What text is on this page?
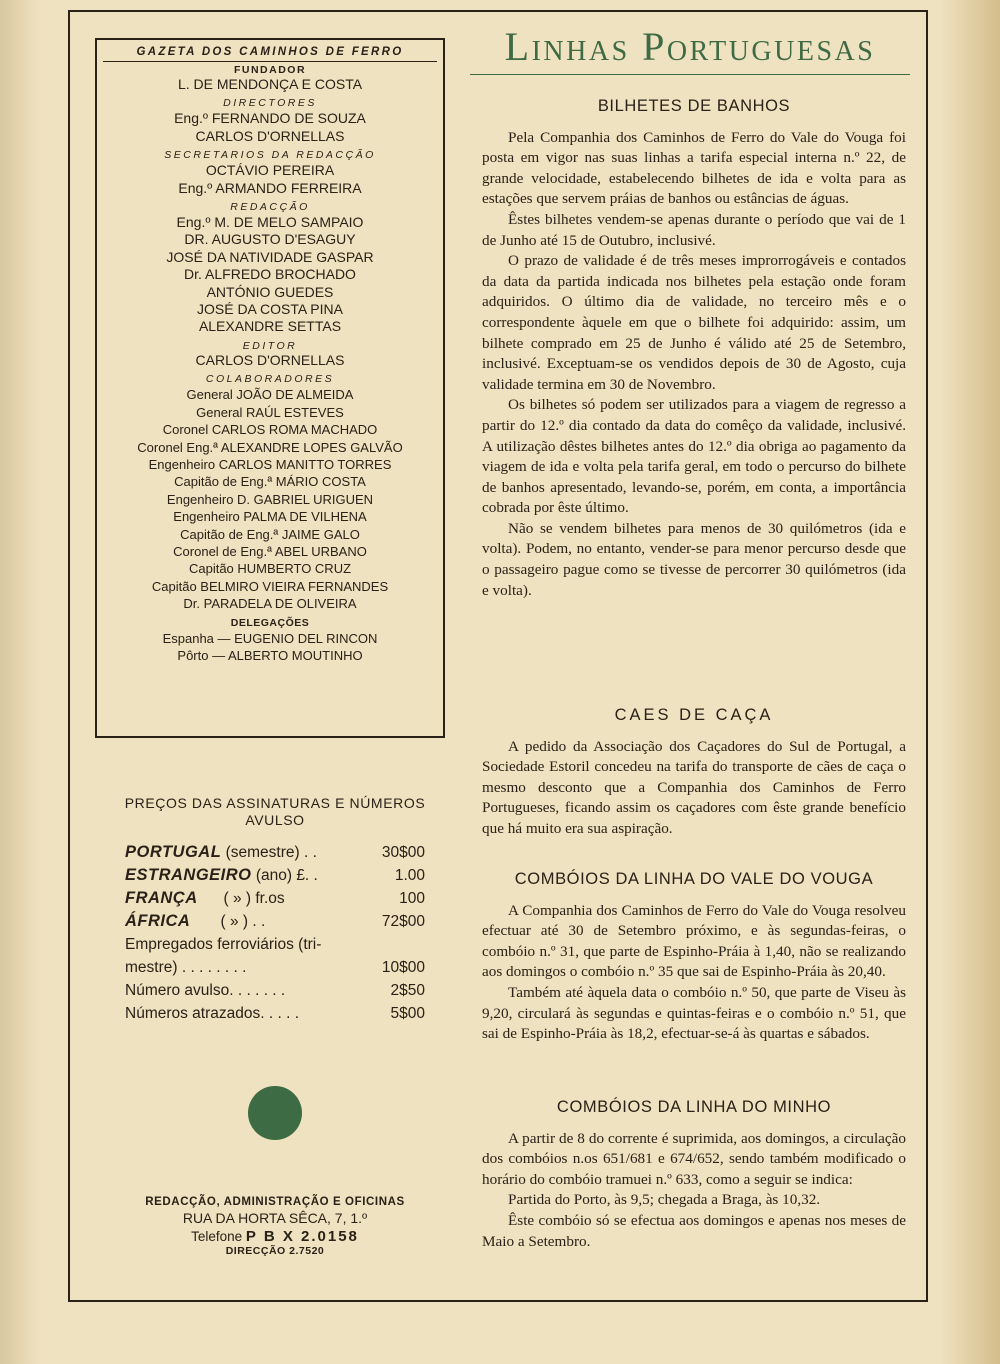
GAZETA DOS CAMINHOS DE FERRO
FUNDADOR
L. DE MENDONÇA E COSTA
DIRECTORES
Eng.º FERNANDO DE SOUZA
CARLOS D'ORNELLAS
SECRETARIOS DA REDACÇÃO
OCTÁVIO PEREIRA
Eng.º ARMANDO FERREIRA
REDACÇÃO
Eng.º M. DE MELO SAMPAIO
DR. AUGUSTO D'ESAGUY
JOSÉ DA NATIVIDADE GASPAR
Dr. ALFREDO BROCHADO
ANTÓNIO GUEDES
JOSÉ DA COSTA PINA
ALEXANDRE SETTAS
EDITOR
CARLOS D'ORNELLAS
COLABORADORES
General JOÃO DE ALMEIDA
General RAÚL ESTEVES
Coronel CARLOS ROMA MACHADO
Coronel Eng.ª ALEXANDRE LOPES GALVÃO
Engenheiro CARLOS MANITTO TORRES
Capitão de Eng.ª MÁRIO COSTA
Engenheiro D. GABRIEL URIGUEN
Engenheiro PALMA DE VILHENA
Capitão de Eng.ª JAIME GALO
Coronel de Eng.ª ABEL URBANO
Capitão HUMBERTO CRUZ
Capitão BELMIRO VIEIRA FERNANDES
Dr. PARADELA DE OLIVEIRA
DELEGAÇÕES
Espanha — EUGENIO DEL RINCON
Pôrto — ALBERTO MOUTINHO
PREÇOS DAS ASSINATURAS E NÚMEROS
AVULSO
PORTUGAL (semestre) . .	30$00
ESTRANGEIRO (ano) £. .	1.00
FRANÇA      ( » ) fr.os	100
ÁFRICA       ( » ) . .	72$00
Empregados ferroviários (tri-
mestre) . . . . . . . .	10$00
Número avulso. . . . . . .	2$50
Números atrazados. . . . .	5$00
REDACÇÃO, ADMINISTRAÇÃO E OFICINAS
RUA DA HORTA SÊCA, 7, 1.º
Telefone P B X 2.0158
DIRECÇÃO 2.7520
Linhas Portuguesas
BILHETES DE BANHOS

Pela Companhia dos Caminhos de Ferro do Vale do Vouga foi posta em vigor nas suas linhas a tarifa especial interna n.º 22, de grande velocidade, estabelecendo bilhetes de ida e volta para as estações que servem práias de banhos ou estâncias de águas.

Êstes bilhetes vendem-se apenas durante o período que vai de 1 de Junho até 15 de Outubro, inclusivé.

O prazo de validade é de três meses improrrogáveis e contados da data da partida indicada nos bilhetes pela estação onde foram adquiridos. O último dia de validade, no terceiro mês e o correspondente àquele em que o bilhete foi adquirido: assim, um bilhete comprado em 25 de Junho é válido até 25 de Setembro, inclusivé. Exceptuam-se os vendidos depois de 30 de Agosto, cuja validade termina em 30 de Novembro.

Os bilhetes só podem ser utilizados para a viagem de regresso a partir do 12.º dia contado da data do comêço da validade, inclusivé. A utilização dêstes bilhetes antes do 12.º dia obriga ao pagamento da viagem de ida e volta pela tarifa geral, em todo o percurso do bilhete de banhos apresentado, levando-se, porém, em conta, a importância cobrada por êste último.

Não se vendem bilhetes para menos de 30 quilómetros (ida e volta). Podem, no entanto, vender-se para menor percurso desde que o passageiro pague como se tivesse de percorrer 30 quilómetros (ida e volta).

CAES DE CAÇA

A pedido da Associação dos Caçadores do Sul de Portugal, a Sociedade Estoril concedeu na tarifa do transporte de cães de caça o mesmo desconto que a Companhia dos Caminhos de Ferro Portugueses, ficando assim os caçadores com êste grande benefício que há muito era sua aspiração.

COMBÓIOS DA LINHA DO VALE DO VOUGA

A Companhia dos Caminhos de Ferro do Vale do Vouga resolveu efectuar até 30 de Setembro próximo, e às segundas-feiras, o combóio n.º 31, que parte de Espinho-Práia à 1,40, não se realizando aos domingos o combóio n.º 35 que sai de Espinho-Práia às 20,40.

Também até àquela data o combóio n.º 50, que parte de Viseu às 9,20, circulará às segundas e quintas-feiras e o combóio n.º 51, que sai de Espinho-Práia às 18,2, efectuar-se-á às quartas e sábados.

COMBÓIOS DA LINHA DO MINHO

A partir de 8 do corrente é suprimida, aos domingos, a circulação dos combóios n.os 651/681 e 674/652, sendo também modificado o horário do combóio tramuei n.º 633, como a seguir se indica:

Partida do Porto, às 9,5; chegada a Braga, às 10,32.

Êste combóio só se efectua aos domingos e apenas nos meses de Maio a Setembro.
